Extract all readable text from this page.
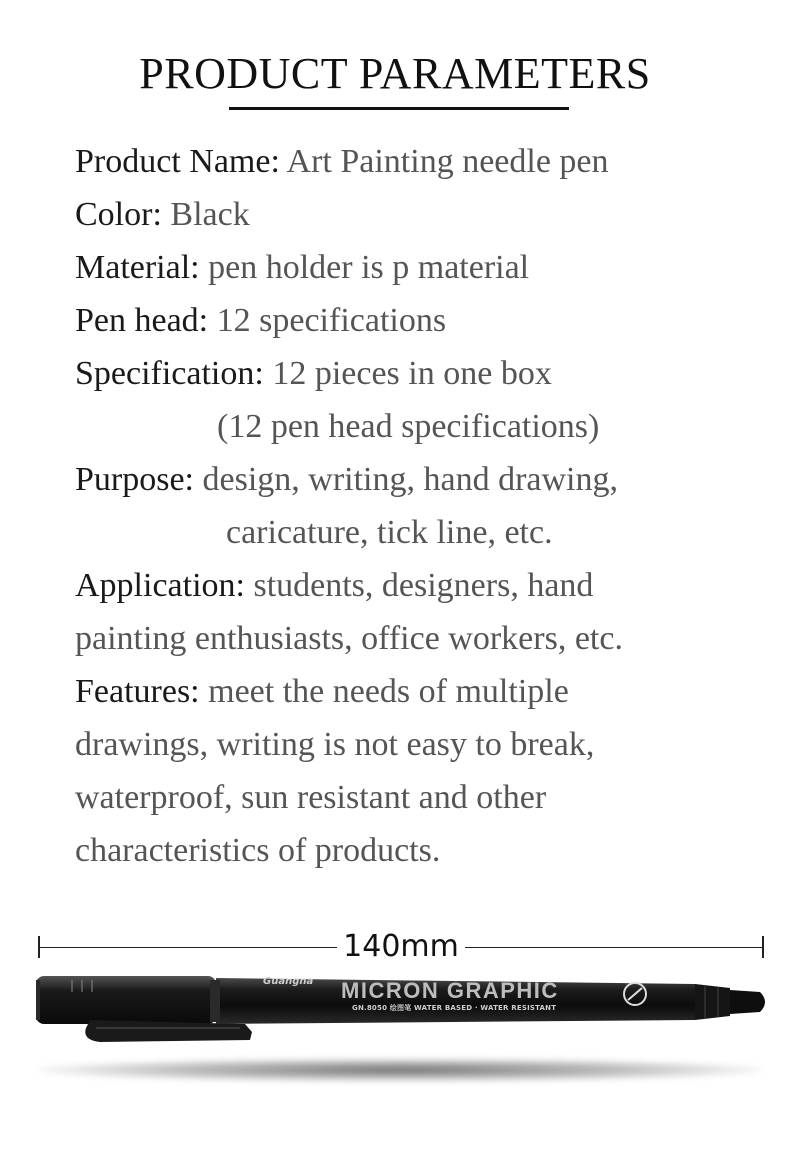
PRODUCT PARAMETERS
Product Name: Art Painting needle pen
Color: Black
Material: pen holder is p material
Pen head: 12 specifications
Specification: 12 pieces in one box
(12 pen head specifications)
Purpose: design, writing, hand drawing,
caricature, tick line, etc.
Application: students, designers, hand
painting enthusiasts, office workers, etc.
Features: meet the needs of multiple
drawings, writing is not easy to break,
waterproof, sun resistant and other
characteristics of products.
140mm
Guangna MICRON GRAPHIC
GN.8050 绘图笔 WATER BASED · WATER RESISTANT
